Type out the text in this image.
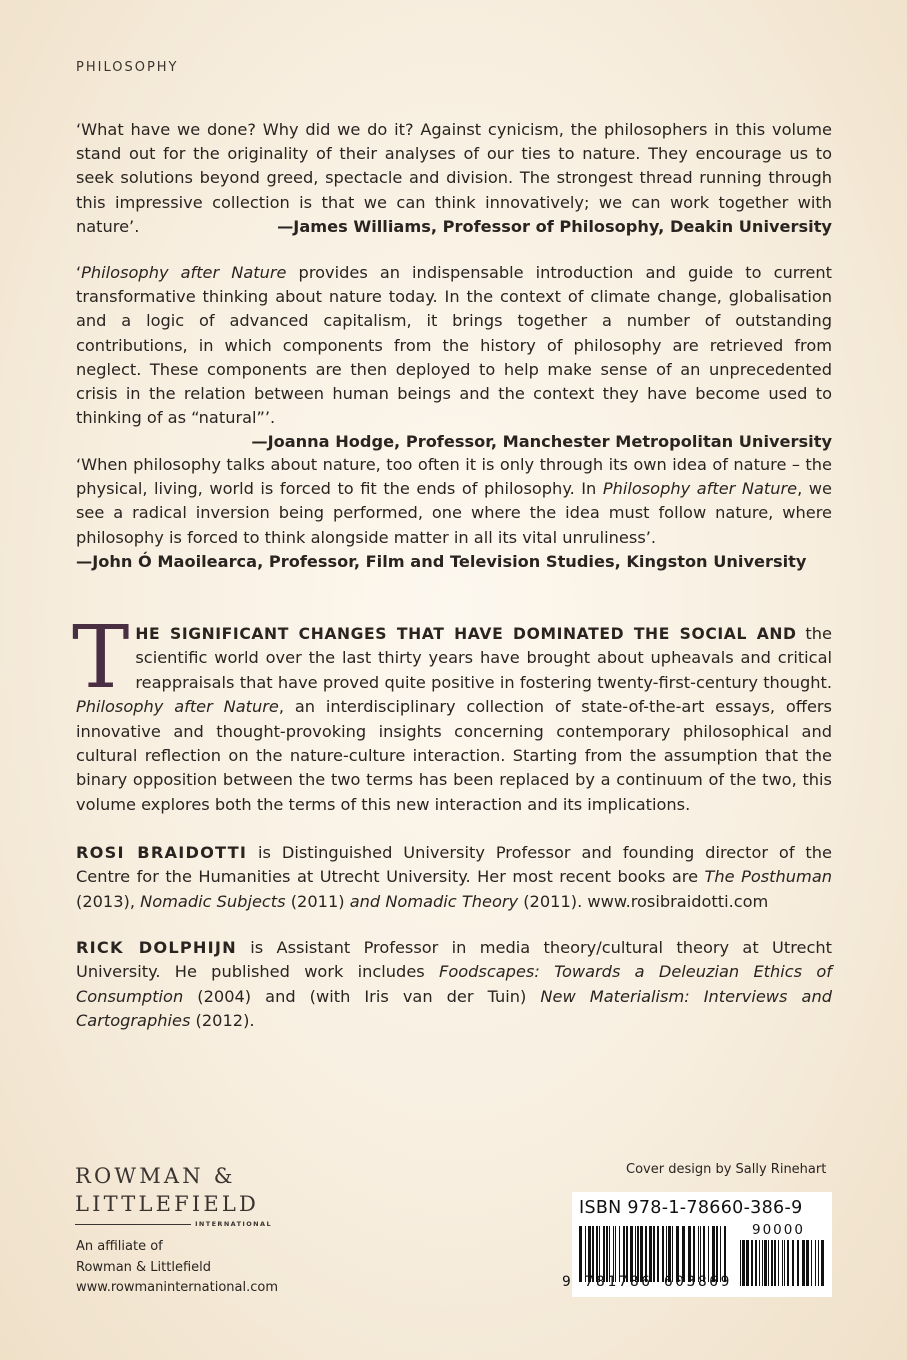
PHILOSOPHY

‘What have we done? Why did we do it? Against cynicism, the philosophers in this volume stand out for the originality of their analyses of our ties to nature. They encourage us to seek solutions beyond greed, spectacle and division. The strongest thread running through this impressive collection is that we can think innovatively; we can work together with nature’.	—James Williams, Professor of Philosophy, Deakin University

‘Philosophy after Nature provides an indispensable introduction and guide to current transformative thinking about nature today. In the context of climate change, globalisation and a logic of advanced capitalism, it brings together a number of outstanding contributions, in which components from the history of philosophy are retrieved from neglect. These components are then deployed to help make sense of an unprecedented crisis in the relation between human beings and the context they have become used to thinking of as “natural”’.
—Joanna Hodge, Professor, Manchester Metropolitan University

‘When philosophy talks about nature, too often it is only through its own idea of nature – the physical, living, world is forced to fit the ends of philosophy. In Philosophy after Nature, we see a radical inversion being performed, one where the idea must follow nature, where philosophy is forced to think alongside matter in all its vital unruliness’.
—John Ó Maoilearca, Professor, Film and Television Studies, Kingston University

THE SIGNIFICANT CHANGES THAT HAVE DOMINATED THE SOCIAL AND the scientific world over the last thirty years have brought about upheavals and critical reappraisals that have proved quite positive in fostering twenty-first-century thought. Philosophy after Nature, an interdisciplinary collection of state-of-the-art essays, offers innovative and thought-provoking insights concerning contemporary philosophical and cultural reflection on the nature-culture interaction. Starting from the assumption that the binary opposition between the two terms has been replaced by a continuum of the two, this volume explores both the terms of this new interaction and its implications.

ROSI BRAIDOTTI is Distinguished University Professor and founding director of the Centre for the Humanities at Utrecht University. Her most recent books are The Posthuman (2013), Nomadic Subjects (2011) and Nomadic Theory (2011). www.rosibraidotti.com

RICK DOLPHIJN is Assistant Professor in media theory/cultural theory at Utrecht University. He published work includes Foodscapes: Towards a Deleuzian Ethics of Consumption (2004) and (with Iris van der Tuin) New Materialism: Interviews and Cartographies (2012).

ROWMAN &
LITTLEFIELD
INTERNATIONAL
An affiliate of
Rowman & Littlefield
www.rowmaninternational.com
Cover design by Sally Rinehart
ISBN 978-1-78660-386-9
90000
9 781786 603869
